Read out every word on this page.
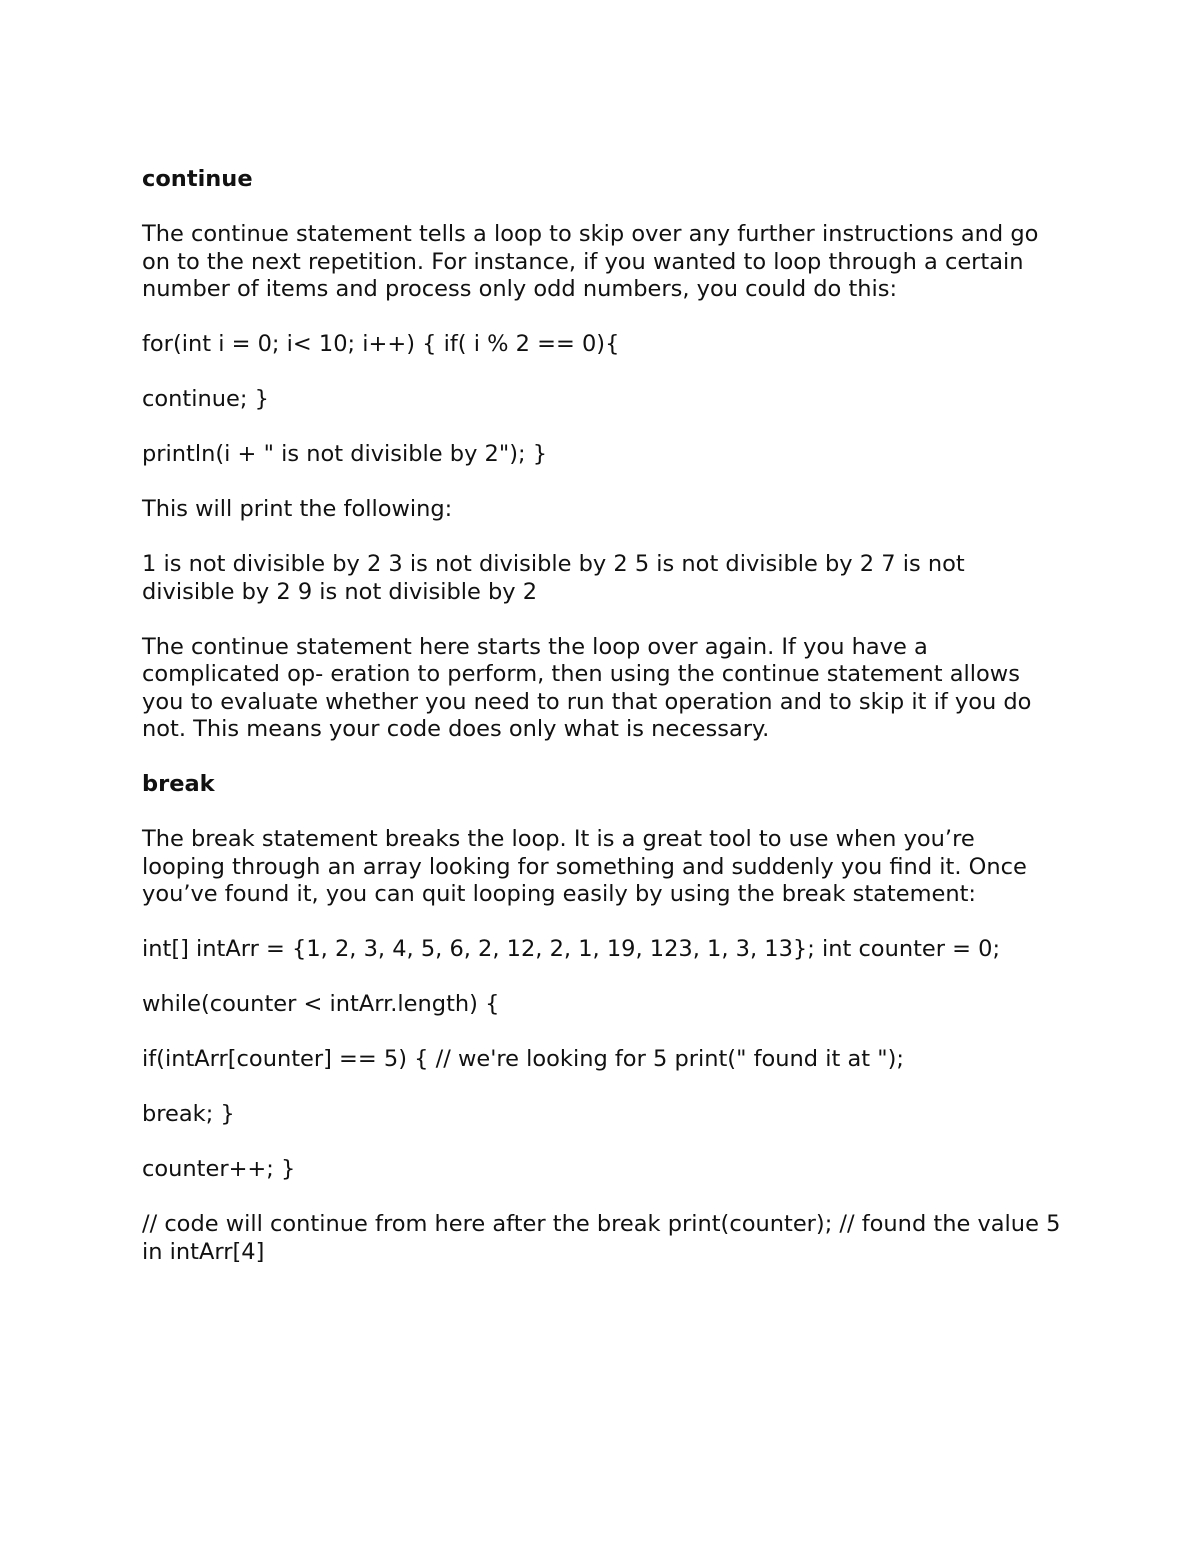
continue

The continue statement tells a loop to skip over any further instructions and go on to the next repetition. For instance, if you wanted to loop through a certain number of items and process only odd numbers, you could do this:

for(int i = 0; i< 10; i++) { if( i % 2 == 0){

continue; }

println(i + " is not divisible by 2"); }

This will print the following:

1 is not divisible by 2 3 is not divisible by 2 5 is not divisible by 2 7 is not divisible by 2 9 is not divisible by 2

The continue statement here starts the loop over again. If you have a complicated op- eration to perform, then using the continue statement allows you to evaluate whether you need to run that operation and to skip it if you do not. This means your code does only what is necessary.

break

The break statement breaks the loop. It is a great tool to use when you’re looping through an array looking for something and suddenly you find it. Once you’ve found it, you can quit looping easily by using the break statement:

int[] intArr = {1, 2, 3, 4, 5, 6, 2, 12, 2, 1, 19, 123, 1, 3, 13}; int counter = 0;

while(counter < intArr.length) {

if(intArr[counter] == 5) { // we're looking for 5 print(" found it at ");

break; }

counter++; }

// code will continue from here after the break print(counter); // found the value 5 in intArr[4]
